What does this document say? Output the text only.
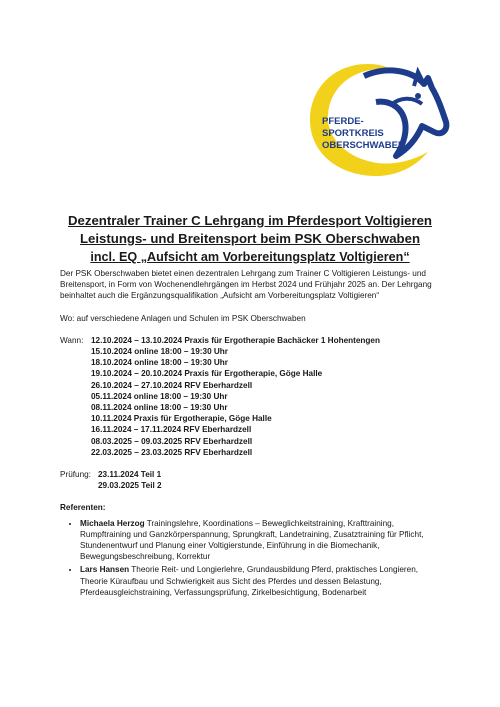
PFERDE-
SPORTKREIS
OBERSCHWABEN
Dezentraler Trainer C Lehrgang im Pferdesport Voltigieren
Leistungs- und Breitensport beim PSK Oberschwaben
incl. EQ „Aufsicht am Vorbereitungsplatz Voltigieren“

Der PSK Oberschwaben bietet einen dezentralen Lehrgang zum Trainer C Voltigieren Leistungs- und Breitensport, in Form von Wochenendlehrgängen im Herbst 2024 und Frühjahr 2025 an. Der Lehrgang beinhaltet auch die Ergänzungsqualifikation „Aufsicht am Vorbereitungsplatz Voltigieren“

Wo: auf verschiedene Anlagen und Schulen im PSK Oberschwaben

Wann: 12.10.2024 – 13.10.2024 Praxis für Ergotherapie Bachäcker 1 Hohentengen
15.10.2024 online 18:00 – 19:30 Uhr
18.10.2024 online 18:00 – 19:30 Uhr
19.10.2024 – 20.10.2024 Praxis für Ergotherapie, Göge Halle
26.10.2024 – 27.10.2024 RFV Eberhardzell
05.11.2024 online 18:00 – 19:30 Uhr
08.11.2024 online 18:00 – 19:30 Uhr
10.11.2024 Praxis für Ergotherapie, Göge Halle
16.11.2024 – 17.11.2024 RFV Eberhardzell
08.03.2025 – 09.03.2025 RFV Eberhardzell
22.03.2025 – 23.03.2025 RFV Eberhardzell
Prüfung: 23.11.2024 Teil 1
29.03.2025 Teil 2
Referenten:
• Michaela Herzog Trainingslehre, Koordinations – Beweglichkeitstraining, Krafttraining, Rumpftraining und Ganzkörperspannung, Sprungkraft, Landetraining, Zusatztraining für Pflicht, Stundenentwurf und Planung einer Voltigierstunde, Einführung in die Biomechanik, Bewegungsbeschreibung, Korrektur
• Lars Hansen Theorie Reit- und Longierlehre, Grundausbildung Pferd, praktisches Longieren, Theorie Küraufbau und Schwierigkeit aus Sicht des Pferdes und dessen Belastung, Pferdeausgleichstraining, Verfassungsprüfung, Zirkelbesichtigung, Bodenarbeit
